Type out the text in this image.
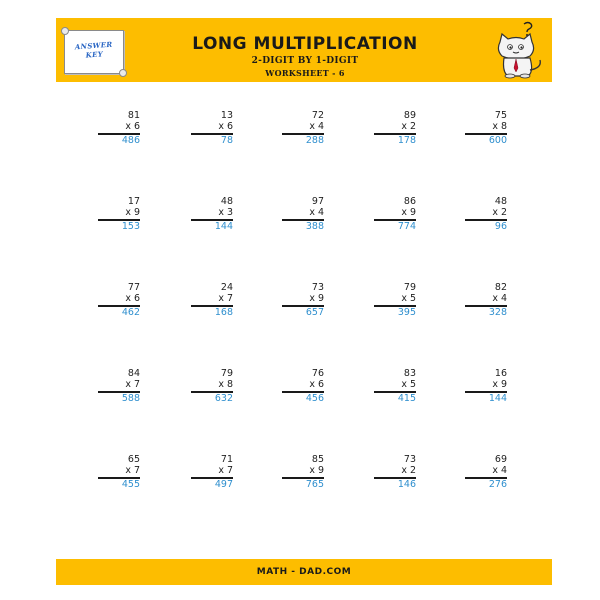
ANSWER
KEY
LONG MULTIPLICATION
2-DIGIT BY 1-DIGIT
WORKSHEET - 6
81
x 6
486
13
x 6
78
72
x 4
288
89
x 2
178
75
x 8
600
17
x 9
153
48
x 3
144
97
x 4
388
86
x 9
774
48
x 2
96
77
x 6
462
24
x 7
168
73
x 9
657
79
x 5
395
82
x 4
328
84
x 7
588
79
x 8
632
76
x 6
456
83
x 5
415
16
x 9
144
65
x 7
455
71
x 7
497
85
x 9
765
73
x 2
146
69
x 4
276
MATH - DAD.COM
